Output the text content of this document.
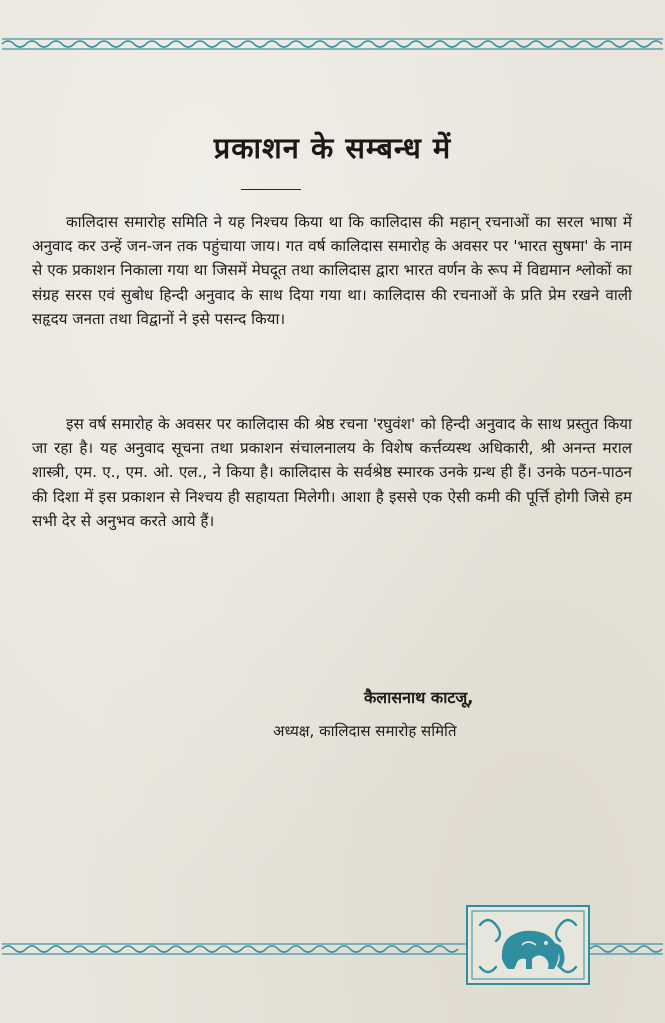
प्रकाशन के सम्बन्ध में

कालिदास समारोह समिति ने यह निश्चय किया था कि कालिदास की महान् रचनाओं का सरल भाषा में अनुवाद कर उन्हें जन-जन तक पहुंचाया जाय। गत वर्ष कालिदास समारोह के अवसर पर 'भारत सुषमा' के नाम से एक प्रकाशन निकाला गया था जिसमें मेघदूत तथा कालिदास द्वारा भारत वर्णन के रूप में विद्यमान श्लोकों का संग्रह सरस एवं सुबोध हिन्दी अनुवाद के साथ दिया गया था। कालिदास की रचनाओं के प्रति प्रेम रखने वाली सहृदय जनता तथा विद्वानों ने इसे पसन्द किया।

इस वर्ष समारोह के अवसर पर कालिदास की श्रेष्ठ रचना 'रघुवंश' को हिन्दी अनुवाद के साथ प्रस्तुत किया जा रहा है। यह अनुवाद सूचना तथा प्रकाशन संचालनालय के विशेष कर्त्तव्यस्थ अधिकारी, श्री अनन्त मराल शास्त्री, एम. ए., एम. ओ. एल., ने किया है। कालिदास के सर्वश्रेष्ठ स्मारक उनके ग्रन्थ ही हैं। उनके पठन-पाठन की दिशा में इस प्रकाशन से निश्चय ही सहायता मिलेगी। आशा है इससे एक ऐसी कमी की पूर्त्ति होगी जिसे हम सभी देर से अनुभव करते आये हैं।

कैलासनाथ काटजू,
अध्यक्ष, कालिदास समारोह समिति
